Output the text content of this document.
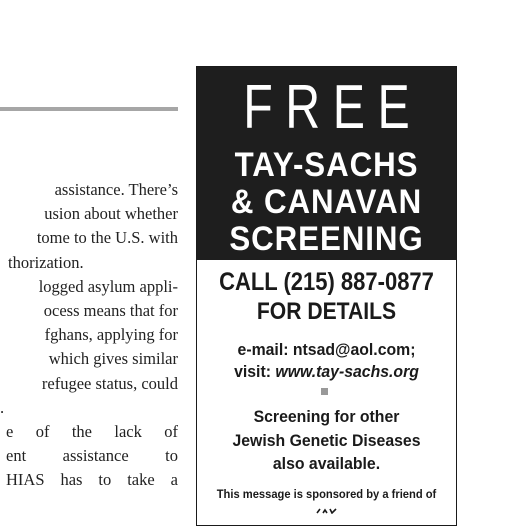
assistance. There’s
usion about whether
tome to the U.S. with
thorization.
logged asylum appli-
ocess means that for
fghans, applying for
which gives similar
refugee status, could
.
e of the lack of
ent assistance to
HIAS has to take a
FREE
TAY-SACHS
& CANAVAN
SCREENING
CALL (215) 887-0877
FOR DETAILS
e-mail: ntsad@aol.com;
visit: www.tay-sachs.org
Screening for other
Jewish Genetic Diseases
also available.
This message is sponsored by a friend of
